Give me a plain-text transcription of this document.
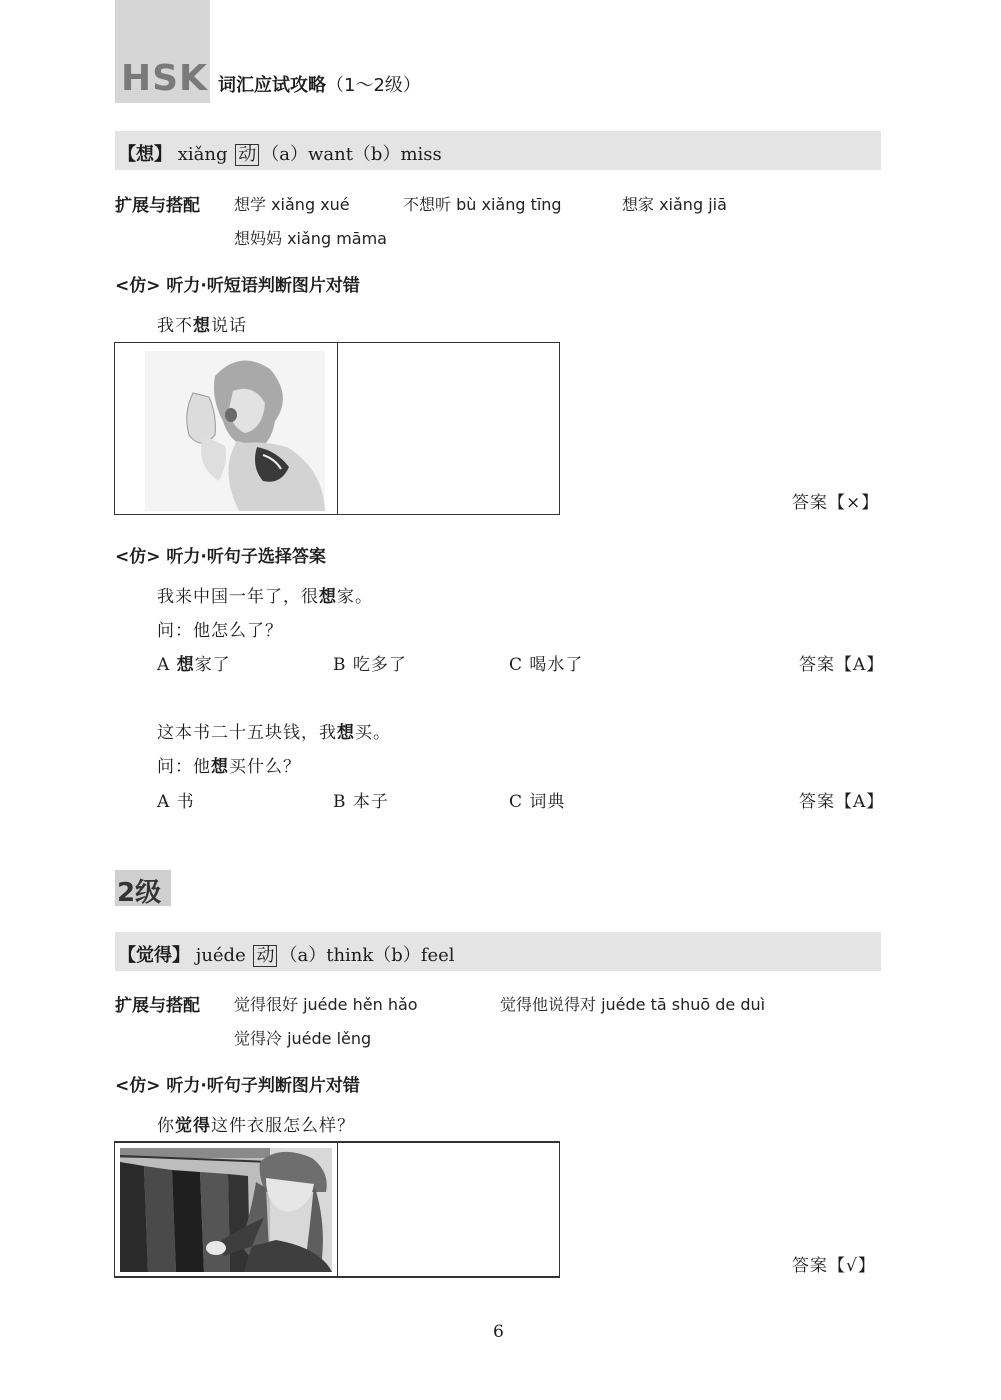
HSK 词汇应试攻略（1～2级）
【想】 xiǎng 动 （a）want（b）miss
扩展与搭配 想学 xiǎng xué	不想听 bù xiǎng tīng	想家 xiǎng jiā
想妈妈 xiǎng māma
<仿> 听力·听短语判断图片对错
我不想说话
答案【×】
<仿> 听力·听句子选择答案
我来中国一年了，很想家。
问：他怎么了？
A 想家了	B 吃多了	C 喝水了	答案【A】
这本书二十五块钱，我想买。
问：他想买什么？
A 书	B 本子	C 词典	答案【A】
2级
【觉得】 juéde 动 （a）think（b）feel
扩展与搭配 觉得很好 juéde hěn hǎo	觉得他说得对 juéde tā shuō de duì
觉得冷 juéde lěng
<仿> 听力·听句子判断图片对错
你觉得这件衣服怎么样？
答案【√】
6
